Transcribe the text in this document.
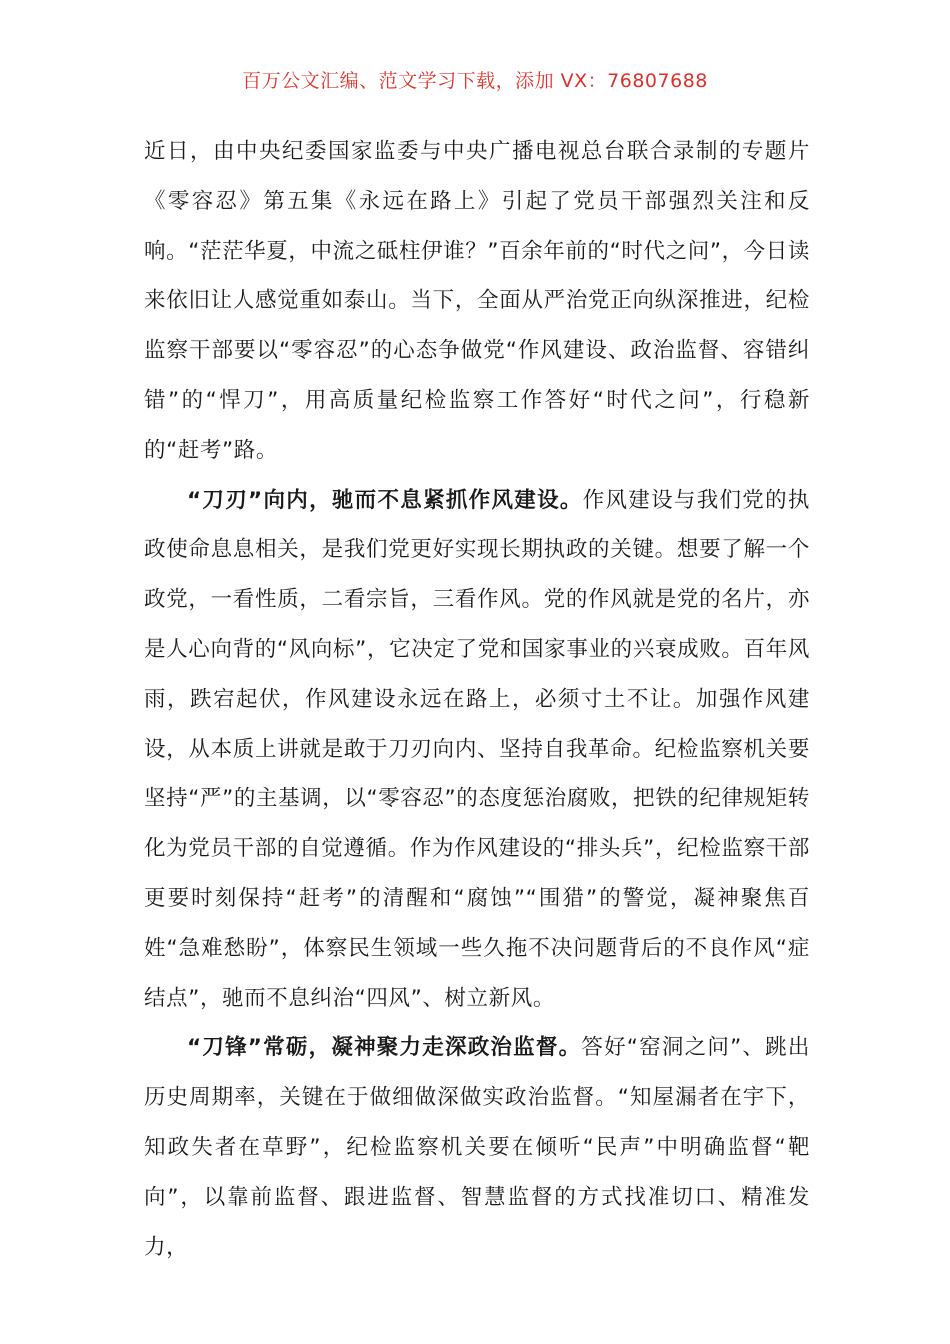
百万公文汇编、范文学习下载，添加 VX：76807688

近日，由中央纪委国家监委与中央广播电视总台联合录制的专题片《零容忍》第五集《永远在路上》引起了党员干部强烈关注和反响。“茫茫华夏，中流之砥柱伊谁？”百余年前的“时代之问”，今日读来依旧让人感觉重如泰山。当下，全面从严治党正向纵深推进，纪检监察干部要以“零容忍”的心态争做党“作风建设、政治监督、容错纠错”的“悍刀”，用高质量纪检监察工作答好“时代之问”，行稳新的“赶考”路。

“刀刃”向内，驰而不息紧抓作风建设。作风建设与我们党的执政使命息息相关，是我们党更好实现长期执政的关键。想要了解一个政党，一看性质，二看宗旨，三看作风。党的作风就是党的名片，亦是人心向背的“风向标”，它决定了党和国家事业的兴衰成败。百年风雨，跌宕起伏，作风建设永远在路上，必须寸土不让。加强作风建设，从本质上讲就是敢于刀刃向内、坚持自我革命。纪检监察机关要坚持“严”的主基调，以“零容忍”的态度惩治腐败，把铁的纪律规矩转化为党员干部的自觉遵循。作为作风建设的“排头兵”，纪检监察干部更要时刻保持“赶考”的清醒和“腐蚀”“围猎”的警觉，凝神聚焦百姓“急难愁盼”，体察民生领域一些久拖不决问题背后的不良作风“症结点”，驰而不息纠治“四风”、树立新风。

“刀锋”常砺，凝神聚力走深政治监督。答好“窑洞之问”、跳出历史周期率，关键在于做细做深做实政治监督。“知屋漏者在宇下，知政失者在草野”，纪检监察机关要在倾听“民声”中明确监督“靶向”，以靠前监督、跟进监督、智慧监督的方式找准切口、精准发力，
